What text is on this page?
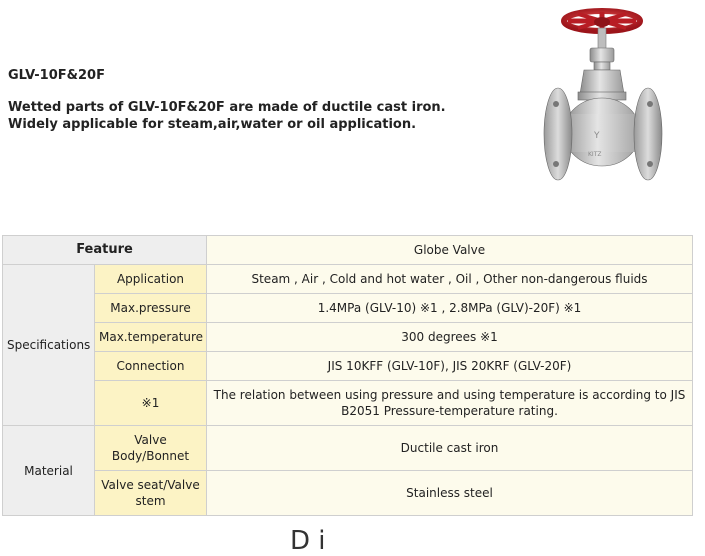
GLV-10F&20F
Wetted parts of GLV-10F&20F are made of ductile cast iron.
Widely applicable for steam,air,water or oil application.
Y
KITZ
Feature		Globe Valve
Specifications	Application	Steam , Air , Cold and hot water , Oil , Other non-dangerous fluids
	Max.pressure	1.4MPa (GLV-10) ※1 , 2.8MPa (GLV)-20F) ※1
	Max.temperature	300 degrees ※1
	Connection	JIS 10KFF (GLV-10F), JIS 20KRF (GLV-20F)
	※1	The relation between using pressure and using temperature is according to JIS B2051 Pressure-temperature rating.
Material	Valve Body/Bonnet	Ductile cast iron
	Valve seat/Valve stem	Stainless steel
D i
